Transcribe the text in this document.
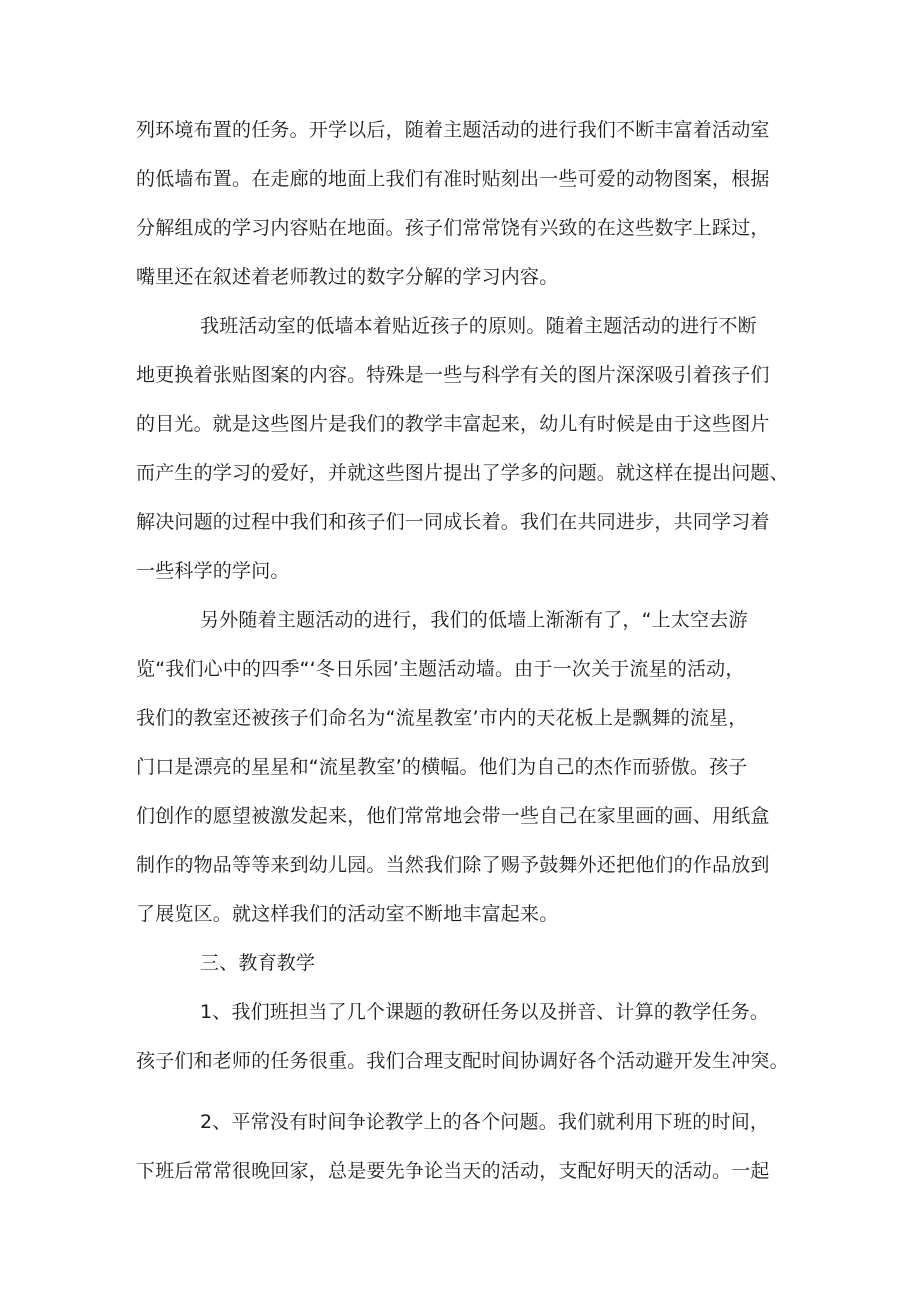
列环境布置的任务。开学以后，随着主题活动的进行我们不断丰富着活动室
的低墙布置。在走廊的地面上我们有准时贴刻出一些可爱的动物图案，根据
分解组成的学习内容贴在地面。孩子们常常饶有兴致的在这些数字上踩过，
嘴里还在叙述着老师教过的数字分解的学习内容。
我班活动室的低墙本着贴近孩子的原则。随着主题活动的进行不断
地更换着张贴图案的内容。特殊是一些与科学有关的图片深深吸引着孩子们
的目光。就是这些图片是我们的教学丰富起来，幼儿有时候是由于这些图片
而产生的学习的爱好，并就这些图片提出了学多的问题。就这样在提出问题、
解决问题的过程中我们和孩子们一同成长着。我们在共同进步，共同学习着
一些科学的学问。
另外随着主题活动的进行，我们的低墙上渐渐有了，“上太空去游
览“我们心中的四季“‘冬日乐园’主题活动墙。由于一次关于流星的活动，
我们的教室还被孩子们命名为“流星教室’市内的天花板上是飘舞的流星，
门口是漂亮的星星和“流星教室’的横幅。他们为自己的杰作而骄傲。孩子
们创作的愿望被激发起来，他们常常地会带一些自己在家里画的画、用纸盒
制作的物品等等来到幼儿园。当然我们除了赐予鼓舞外还把他们的作品放到
了展览区。就这样我们的活动室不断地丰富起来。
三、教育教学
1、我们班担当了几个课题的教研任务以及拼音、计算的教学任务。
孩子们和老师的任务很重。我们合理支配时间协调好各个活动避开发生冲突。
2、平常没有时间争论教学上的各个问题。我们就利用下班的时间，
下班后常常很晚回家，总是要先争论当天的活动，支配好明天的活动。一起
